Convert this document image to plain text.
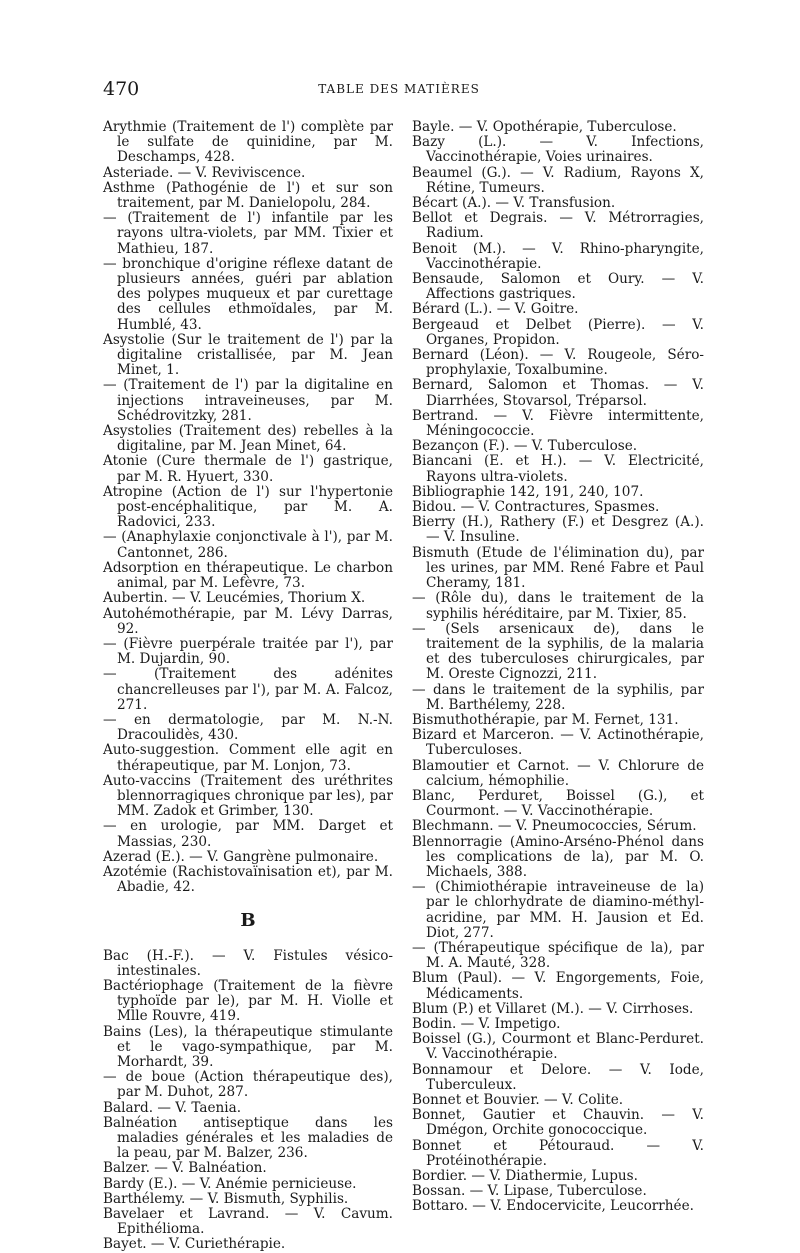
470	TABLE DES MATIÈRES

Arythmie (Traitement de l') complète par le sulfate de quinidine, par M. Deschamps, 428.

Asteriade. — V. Reviviscence.

Asthme (Pathogénie de l') et sur son traitement, par M. Danielopolu, 284.

— (Traitement de l') infantile par les rayons ultra-violets, par MM. Tixier et Mathieu, 187.

— bronchique d'origine réflexe datant de plusieurs années, guéri par ablation des polypes muqueux et par curettage des cellules ethmoïdales, par M. Humblé, 43.

Asystolie (Sur le traitement de l') par la digitaline cristallisée, par M. Jean Minet, 1.

— (Traitement de l') par la digitaline en injections intraveineuses, par M. Schédrovitzky, 281.

Asystolies (Traitement des) rebelles à la digitaline, par M. Jean Minet, 64.

Atonie (Cure thermale de l') gastrique, par M. R. Hyuert, 330.

Atropine (Action de l') sur l'hypertonie post-encéphalitique, par M. A. Radovici, 233.

— (Anaphylaxie conjonctivale à l'), par M. Cantonnet, 286.

Adsorption en thérapeutique. Le charbon animal, par M. Lefèvre, 73.

Aubertin. — V. Leucémies, Thorium X.

Autohémothérapie, par M. Lévy Darras, 92.

— (Fièvre puerpérale traitée par l'), par M. Dujardin, 90.

— (Traitement des adénites chancrelleuses par l'), par M. A. Falcoz, 271.

— en dermatologie, par M. N.-N. Dracoulidès, 430.

Auto-suggestion. Comment elle agit en thérapeutique, par M. Lonjon, 73.

Auto-vaccins (Traitement des uréthrites blennorragiques chronique par les), par MM. Zadok et Grimber, 130.

— en urologie, par MM. Darget et Massias, 230.

Azerad (E.). — V. Gangrène pulmonaire.

Azotémie (Rachistovaïnisation et), par M. Abadie, 42.

B

Bac (H.-F.). — V. Fistules vésico-intestinales.

Bactériophage (Traitement de la fièvre typhoïde par le), par M. H. Violle et Mlle Rouvre, 419.

Bains (Les), la thérapeutique stimulante et le vago-sympathique, par M. Morhardt, 39.

— de boue (Action thérapeutique des), par M. Duhot, 287.

Balard. — V. Taenia.

Balnéation antiseptique dans les maladies générales et les maladies de la peau, par M. Balzer, 236.

Balzer. — V. Balnéation.

Bardy (E.). — V. Anémie pernicieuse.

Barthélemy. — V. Bismuth, Syphilis.

Bavelaer et Lavrand. — V. Cavum. Epithélioma.

Bayet. — V. Curiethérapie.

Bayle. — V. Opothérapie, Tuberculose.

Bazy (L.). — V. Infections, Vaccinothérapie, Voies urinaires.

Beaumel (G.). — V. Radium, Rayons X, Rétine, Tumeurs.

Bécart (A.). — V. Transfusion.

Bellot et Degrais. — V. Métrorragies, Radium.

Benoit (M.). — V. Rhino-pharyngite, Vaccinothérapie.

Bensaude, Salomon et Oury. — V. Affections gastriques.

Bérard (L.). — V. Goitre.

Bergeaud et Delbet (Pierre). — V. Organes, Propidon.

Bernard (Léon). — V. Rougeole, Séro-prophylaxie, Toxalbumine.

Bernard, Salomon et Thomas. — V. Diarrhées, Stovarsol, Tréparsol.

Bertrand. — V. Fièvre intermittente, Méningococcie.

Bezançon (F.). — V. Tuberculose.

Biancani (E. et H.). — V. Electricité, Rayons ultra-violets.

Bibliographie 142, 191, 240, 107.

Bidou. — V. Contractures, Spasmes.

Bierry (H.), Rathery (F.) et Desgrez (A.). — V. Insuline.

Bismuth (Etude de l'élimination du), par les urines, par MM. René Fabre et Paul Cheramy, 181.

— (Rôle du), dans le traitement de la syphilis héréditaire, par M. Tixier, 85.

— (Sels arsenicaux de), dans le traitement de la syphilis, de la malaria et des tuberculoses chirurgicales, par M. Oreste Cignozzi, 211.

— dans le traitement de la syphilis, par M. Barthélemy, 228.

Bismuthothérapie, par M. Fernet, 131.

Bizard et Marceron. — V. Actinothérapie, Tuberculoses.

Blamoutier et Carnot. — V. Chlorure de calcium, hémophilie.

Blanc, Perduret, Boissel (G.), et Courmont. — V. Vaccinothérapie.

Blechmann. — V. Pneumococcies, Sérum.

Blennorragie (Amino-Arséno-Phénol dans les complications de la), par M. O. Michaels, 388.

— (Chimiothérapie intraveineuse de la) par le chlorhydrate de diamino-méthyl-acridine, par MM. H. Jausion et Ed. Diot, 277.

— (Thérapeutique spécifique de la), par M. A. Mauté, 328.

Blum (Paul). — V. Engorgements, Foie, Médicaments.

Blum (P.) et Villaret (M.). — V. Cirrhoses.

Bodin. — V. Impetigo.

Boissel (G.), Courmont et Blanc-Perduret. V. Vaccinothérapie.

Bonnamour et Delore. — V. Iode, Tuberculeux.

Bonnet et Bouvier. — V. Colite.

Bonnet, Gautier et Chauvin. — V. Dmégon, Orchite gonococcique.

Bonnet et Pétouraud. — V. Protéinothérapie.

Bordier. — V. Diathermie, Lupus.

Bossan. — V. Lipase, Tuberculose.

Bottaro. — V. Endocervicite, Leucorrhée.
